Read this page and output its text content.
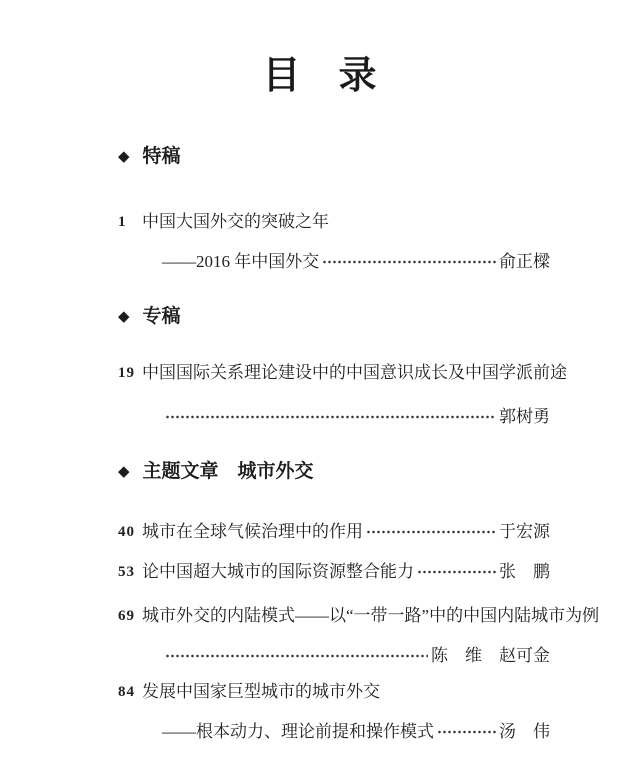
目　录
◆ 特稿
1 中国大国外交的突破之年
——2016 年中国外交	俞正樑
◆ 专稿
19 中国国际关系理论建设中的中国意识成长及中国学派前途
郭树勇
◆ 主题文章　城市外交
40 城市在全球气候治理中的作用	于宏源
53 论中国超大城市的国际资源整合能力	张　鹏
69 城市外交的内陆模式——以“一带一路”中的中国内陆城市为例
陈　维　赵可金
84 发展中国家巨型城市的城市外交
——根本动力、理论前提和操作模式	汤　伟
